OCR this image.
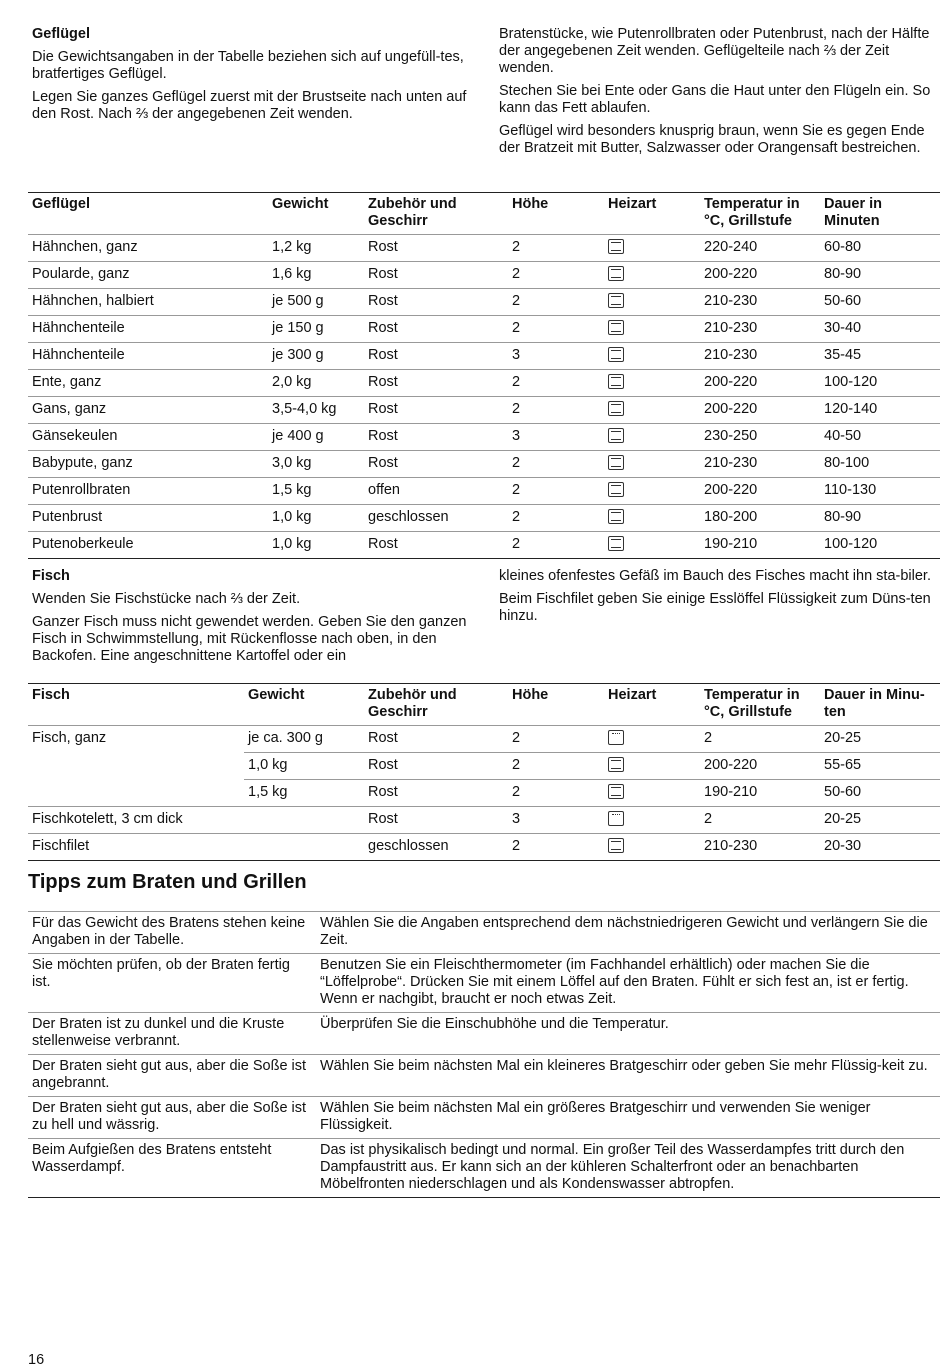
Geflügel

Die Gewichtsangaben in der Tabelle beziehen sich auf ungefüll-tes, bratfertiges Geflügel.

Legen Sie ganzes Geflügel zuerst mit der Brustseite nach unten auf den Rost. Nach ⅔ der angegebenen Zeit wenden.

Bratenstücke, wie Putenrollbraten oder Putenbrust, nach der Hälfte der angegebenen Zeit wenden. Geflügelteile nach ⅔ der Zeit wenden.

Stechen Sie bei Ente oder Gans die Haut unter den Flügeln ein. So kann das Fett ablaufen.

Geflügel wird besonders knusprig braun, wenn Sie es gegen Ende der Bratzeit mit Butter, Salzwasser oder Orangensaft bestreichen.

Geflügel	Gewicht	Zubehör und Geschirr	Höhe	Heizart	Temperatur in °C, Grillstufe	Dauer in Minuten
Hähnchen, ganz	1,2 kg	Rost	2		220-240	60-80
Poularde, ganz	1,6 kg	Rost	2		200-220	80-90
Hähnchen, halbiert	je 500 g	Rost	2		210-230	50-60
Hähnchenteile	je 150 g	Rost	2		210-230	30-40
Hähnchenteile	je 300 g	Rost	3		210-230	35-45
Ente, ganz	2,0 kg	Rost	2		200-220	100-120
Gans, ganz	3,5-4,0 kg	Rost	2		200-220	120-140
Gänsekeulen	je 400 g	Rost	3		230-250	40-50
Babypute, ganz	3,0 kg	Rost	2		210-230	80-100
Putenrollbraten	1,5 kg	offen	2		200-220	110-130
Putenbrust	1,0 kg	geschlossen	2		180-200	80-90
Putenoberkeule	1,0 kg	Rost	2		190-210	100-120
Fisch

Wenden Sie Fischstücke nach ⅔ der Zeit.

Ganzer Fisch muss nicht gewendet werden. Geben Sie den ganzen Fisch in Schwimmstellung, mit Rückenflosse nach oben, in den Backofen. Eine angeschnittene Kartoffel oder ein

kleines ofenfestes Gefäß im Bauch des Fisches macht ihn sta-biler.

Beim Fischfilet geben Sie einige Esslöffel Flüssigkeit zum Düns-ten hinzu.

Fisch	Gewicht	Zubehör und Geschirr	Höhe	Heizart	Temperatur in °C, Grillstufe	Dauer in Minu-ten
Fisch, ganz	je ca. 300 g	Rost	2		2	20-25
	1,0 kg	Rost	2		200-220	55-65
	1,5 kg	Rost	2		190-210	50-60
Fischkotelett, 3 cm dick		Rost	3		2	20-25
Fischfilet		geschlossen	2		210-230	20-30
Tipps zum Braten und Grillen
Für das Gewicht des Bratens stehen keine Angaben in der Tabelle.	Wählen Sie die Angaben entsprechend dem nächstniedrigeren Gewicht und verlängern Sie die Zeit.
Sie möchten prüfen, ob der Braten fertig ist.	Benutzen Sie ein Fleischthermometer (im Fachhandel erhältlich) oder machen Sie die “Löffelprobe“. Drücken Sie mit einem Löffel auf den Braten. Fühlt er sich fest an, ist er fertig. Wenn er nachgibt, braucht er noch etwas Zeit.
Der Braten ist zu dunkel und die Kruste stellenweise verbrannt.	Überprüfen Sie die Einschubhöhe und die Temperatur.
Der Braten sieht gut aus, aber die Soße ist angebrannt.	Wählen Sie beim nächsten Mal ein kleineres Bratgeschirr oder geben Sie mehr Flüssig-keit zu.
Der Braten sieht gut aus, aber die Soße ist zu hell und wässrig.	Wählen Sie beim nächsten Mal ein größeres Bratgeschirr und verwenden Sie weniger Flüssigkeit.
Beim Aufgießen des Bratens entsteht Wasserdampf.	Das ist physikalisch bedingt und normal. Ein großer Teil des Wasserdampfes tritt durch den Dampfaustritt aus. Er kann sich an der kühleren Schalterfront oder an benachbarten Möbelfronten niederschlagen und als Kondenswasser abtropfen.
16
